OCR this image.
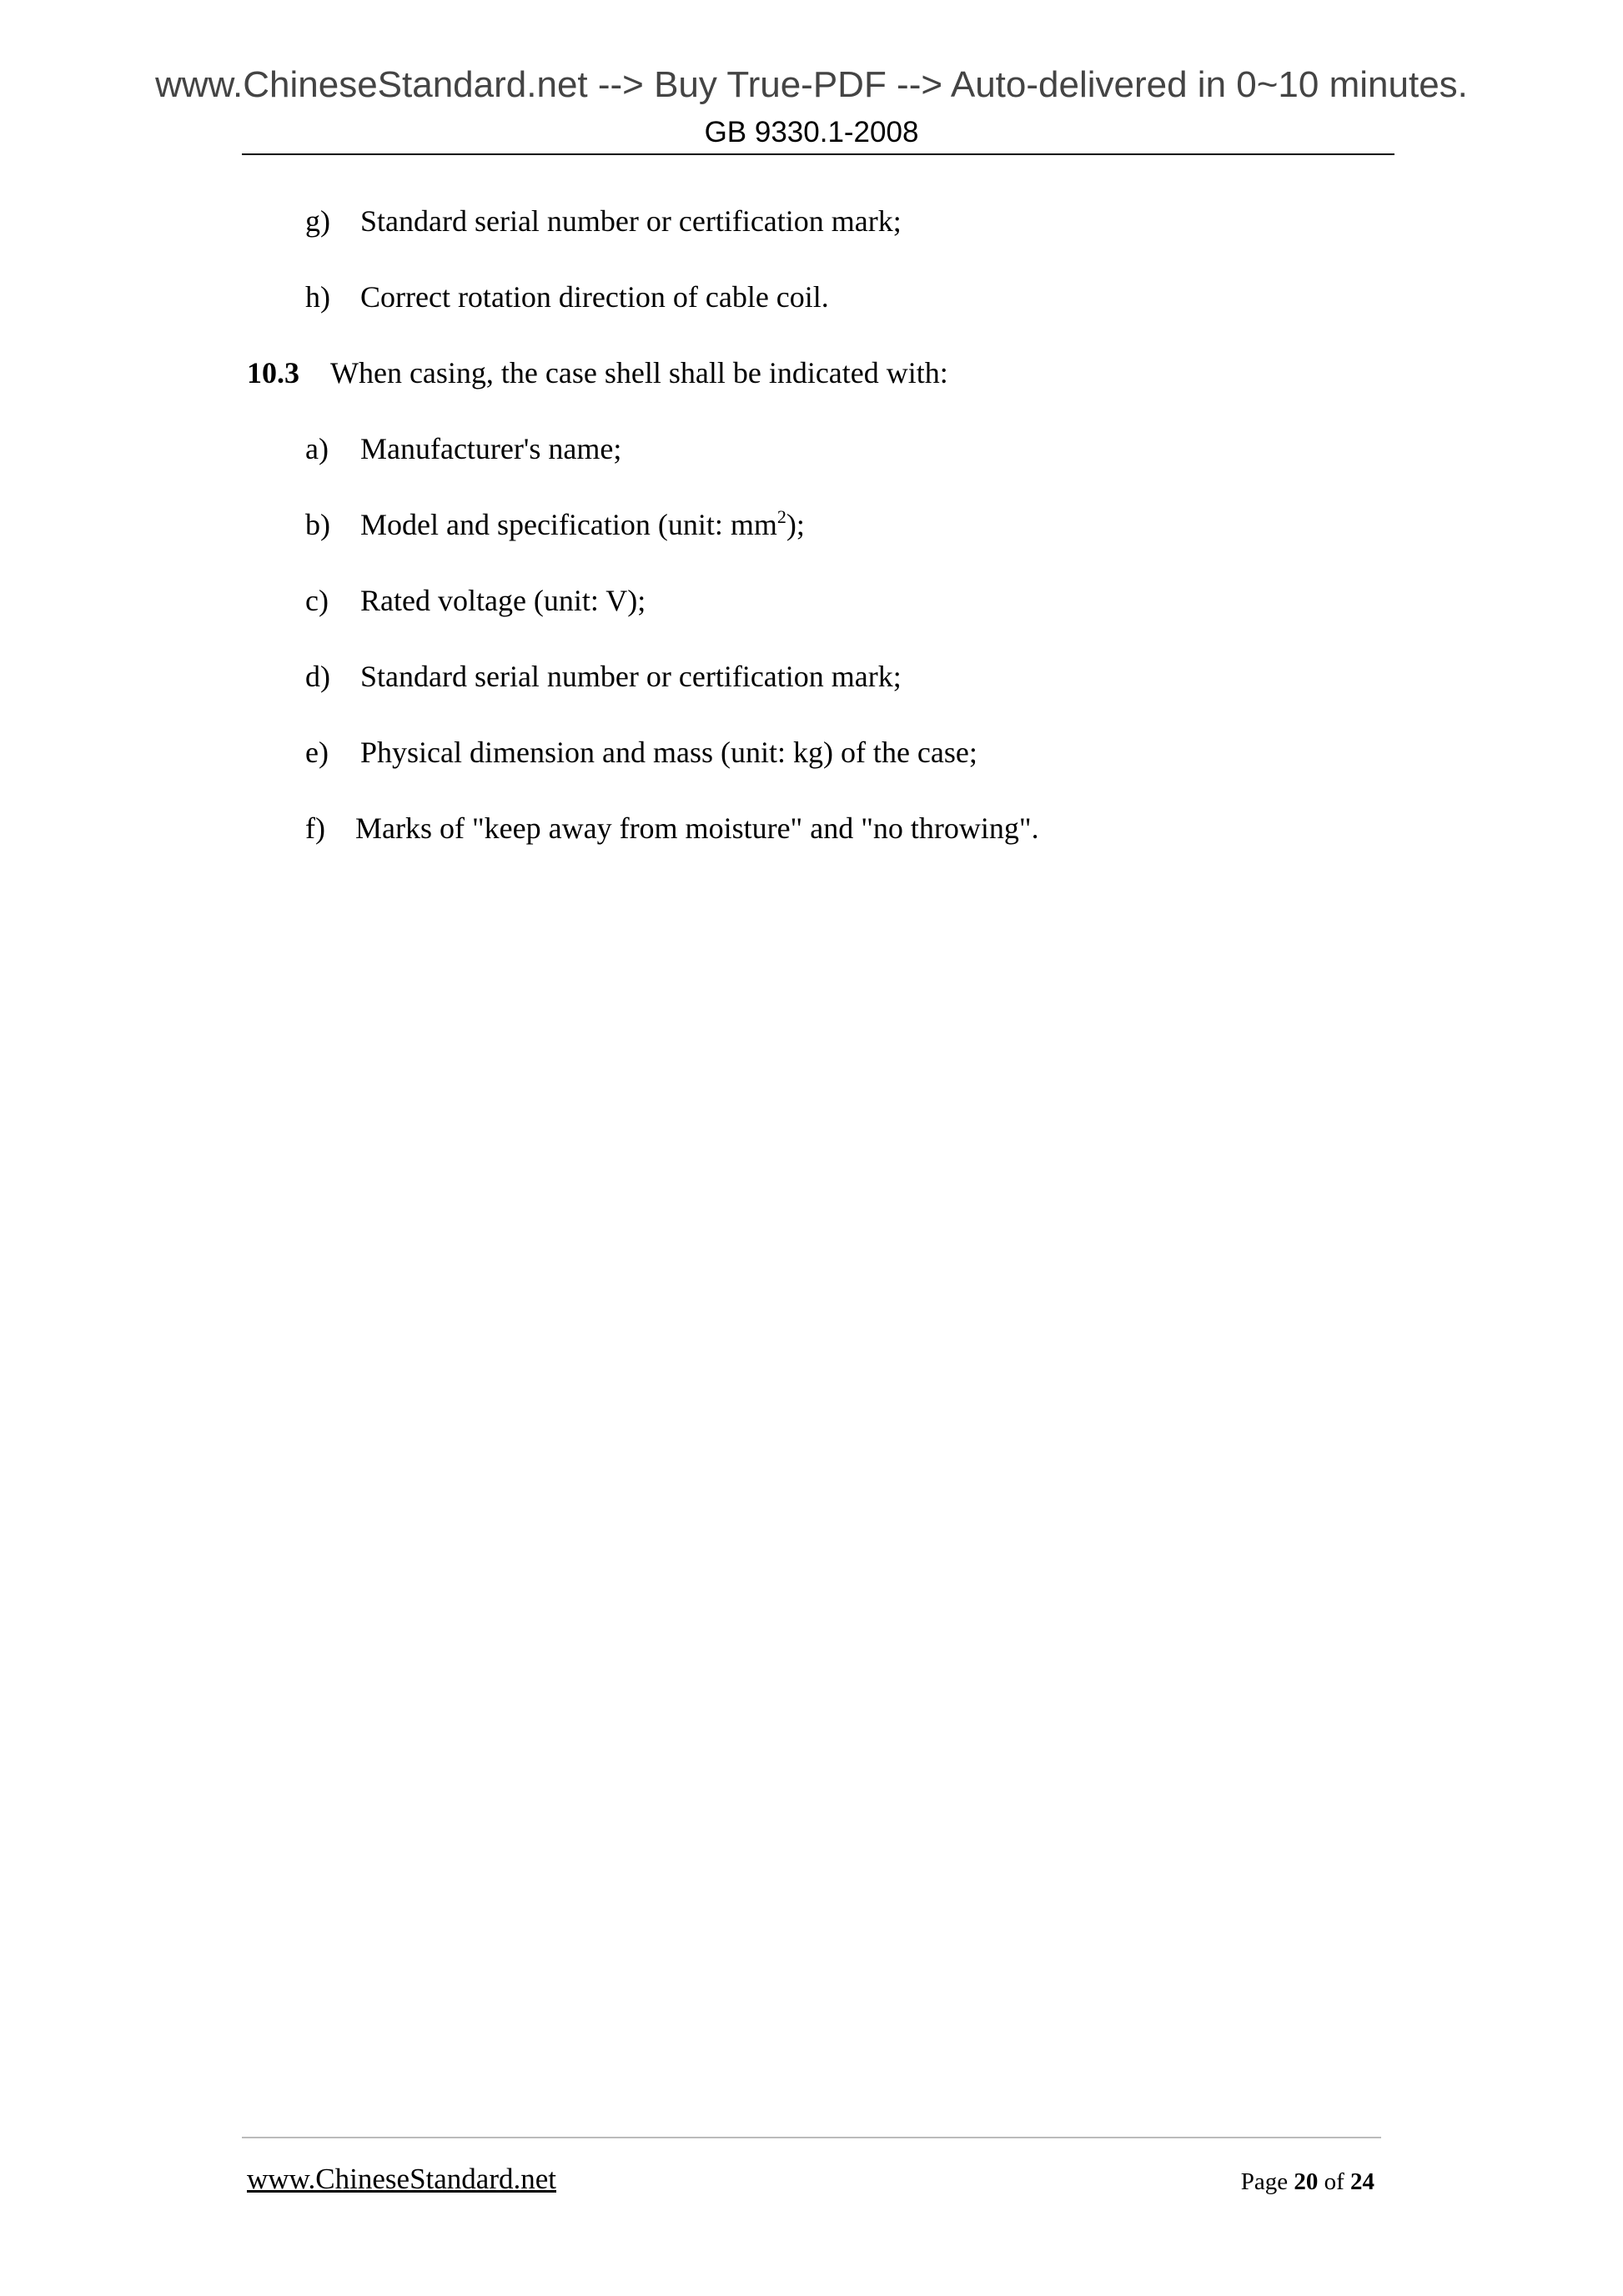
www.ChineseStandard.net --> Buy True-PDF --> Auto-delivered in 0~10 minutes.
GB 9330.1-2008
g) Standard serial number or certification mark;
h) Correct rotation direction of cable coil.
10.3 When casing, the case shell shall be indicated with:
a) Manufacturer's name;
b) Model and specification (unit: $mm^2$);
c) Rated voltage (unit: V);
d) Standard serial number or certification mark;
e) Physical dimension and mass (unit: kg) of the case;
f) Marks of "keep away from moisture" and "no throwing".
www.ChineseStandard.net	Page 20 of 24
